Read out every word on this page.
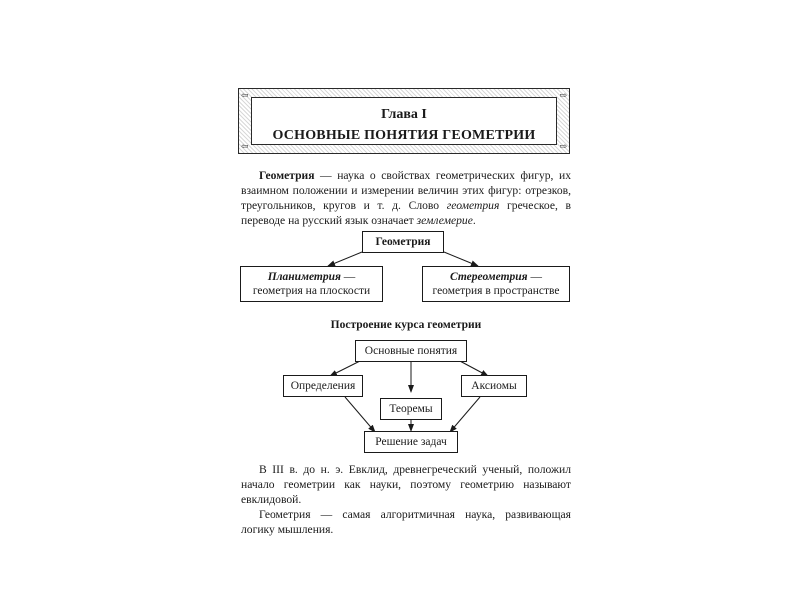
⇦	⇨
⇦	⇨
Глава I
ОСНОВНЫЕ ПОНЯТИЯ ГЕОМЕТРИИ

Геометрия — наука о свойствах геометрических фигур, их взаимном положении и измерении величин этих фигур: отрезков, треугольников, кругов и т. д. Слово геометрия греческое, в переводе на русский язык означает землемерие.

Геометрия
Планиметрия —
геометрия на плоскости
Стереометрия —
геометрия в пространстве
Построение курса геометрии
Основные понятия
Определения	Аксиомы
Теоремы
Решение задач

В III в. до н. э. Евклид, древнегреческий ученый, положил начало геометрии как науки, поэтому геометрию называют евклидовой.

Геометрия — самая алгоритмичная наука, развивающая логику мышления.
